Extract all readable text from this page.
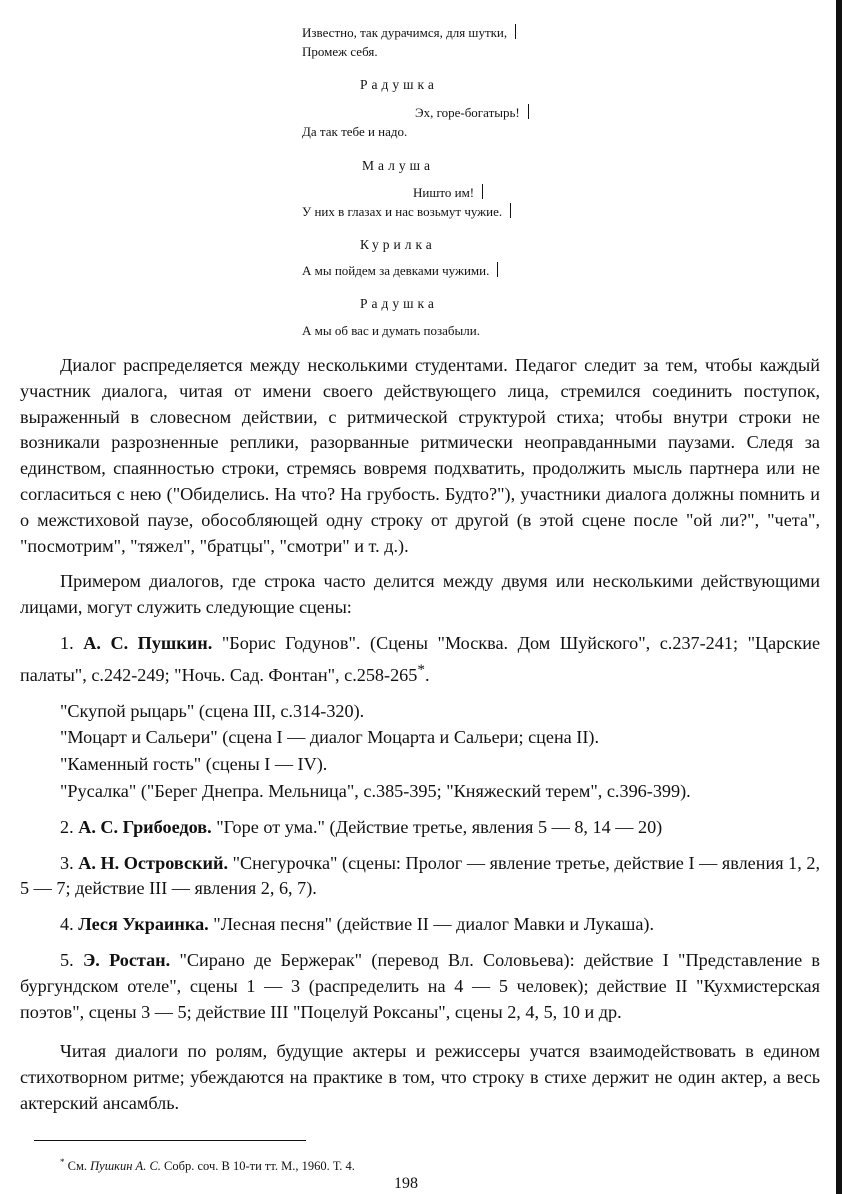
Известно, так дурачимся, для шутки,
Промеж себя.
Радушка
Эх, горе-богатырь!
Да так тебе и надо.
Малуша
Ништо им!
У них в глазах и нас возьмут чужие.
Курилка
А мы пойдем за девками чужими.
Радушка
А мы об вас и думать позабыли.

Диалог распределяется между несколькими студентами. Педагог следит за тем, чтобы каждый участник диалога, читая от имени своего действующего лица, стремился соединить поступок, выраженный в словесном действии, с ритмической структурой стиха; чтобы внутри строки не возникали разрозненные реплики, разорванные ритмически неоправданными паузами. Следя за единством, спаянностью строки, стремясь вовремя подхватить, продолжить мысль партнера или не согласиться с нею ("Обиделись. На что? На грубость. Будто?"), участники диалога должны помнить и о межстиховой паузе, обособляющей одну строку от другой (в этой сцене после "ой ли?", "чета", "посмотрим", "тяжел", "братцы", "смотри" и т. д.).

Примером диалогов, где строка часто делится между двумя или несколькими действующими лицами, могут служить следующие сцены:

1. А. С. Пушкин. "Борис Годунов". (Сцены "Москва. Дом Шуйского", с.237-241; "Царские палаты", с.242-249; "Ночь. Сад. Фонтан", с.258-265*.

"Скупой рыцарь" (сцена III, с.314-320).

"Моцарт и Сальери" (сцена I — диалог Моцарта и Сальери; сцена II).

"Каменный гость" (сцены I — IV).

"Русалка" ("Берег Днепра. Мельница", с.385-395; "Княжеский терем", с.396-399).

2. А. С. Грибоедов. "Горе от ума." (Действие третье, явления 5 — 8, 14 — 20)

3. А. Н. Островский. "Снегурочка" (сцены: Пролог — явление третье, действие I — явления 1, 2, 5 — 7; действие III — явления 2, 6, 7).

4. Леся Украинка. "Лесная песня" (действие II — диалог Мавки и Лукаша).

5. Э. Ростан. "Сирано де Бержерак" (перевод Вл. Соловьева): действие I "Представление в бургундском отеле", сцены 1 — 3 (распределить на 4 — 5 человек); действие II "Кухмистерская поэтов", сцены 3 — 5; действие III "Поцелуй Роксаны", сцены 2, 4, 5, 10 и др.

Читая диалоги по ролям, будущие актеры и режиссеры учатся взаимодействовать в едином стихотворном ритме; убеждаются на практике в том, что строку в стихе держит не один актер, а весь актерский ансамбль.

* См. Пушкин А. С. Собр. соч. В 10-ти тт. М., 1960. Т. 4.
198
